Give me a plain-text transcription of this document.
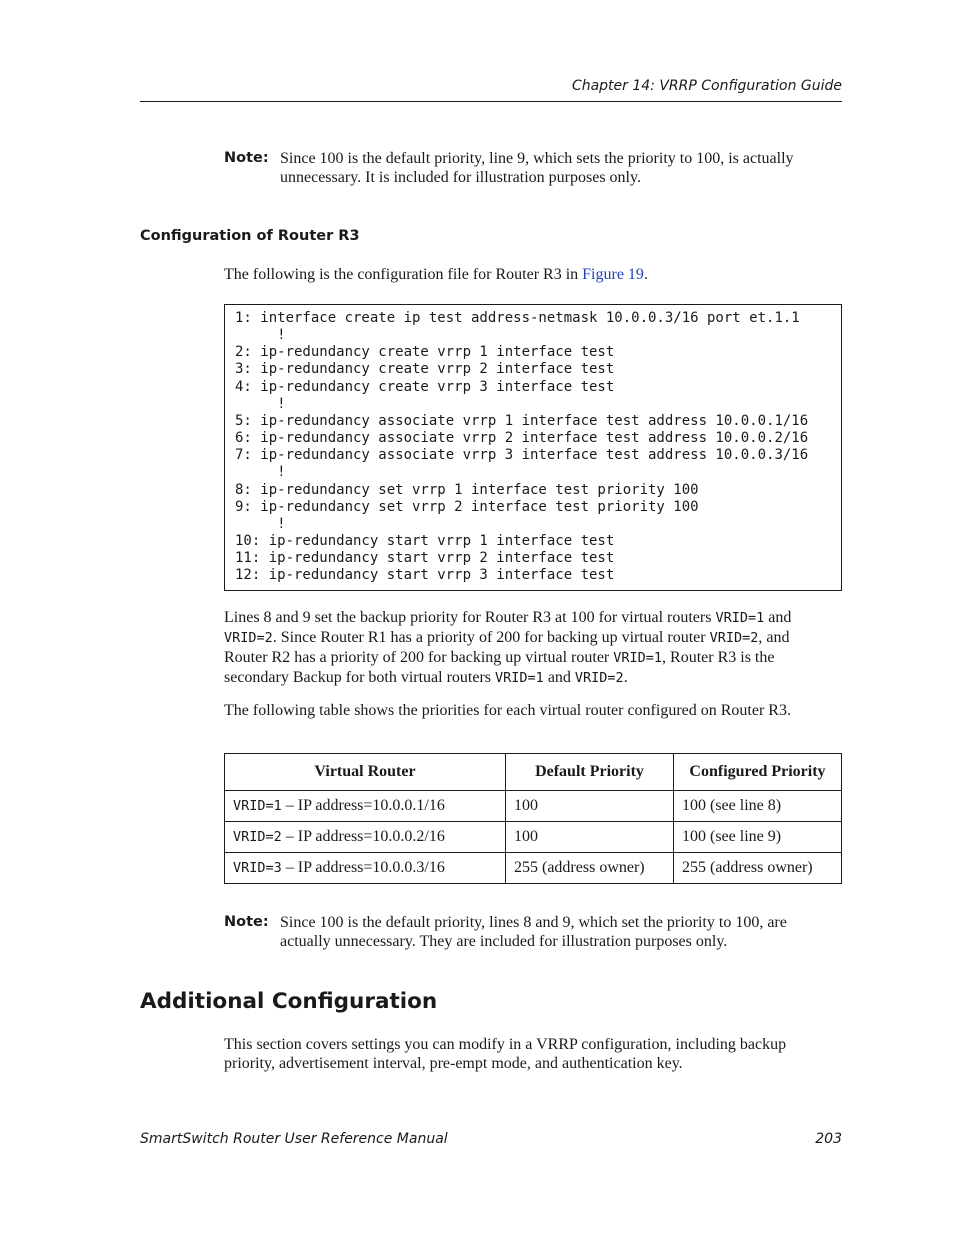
Chapter 14: VRRP Configuration Guide
Note: Since 100 is the default priority, line 9, which sets the priority to 100, is actually
unnecessary. It is included for illustration purposes only.
Configuration of Router R3
The following is the configuration file for Router R3 in Figure 19.
1: interface create ip test address-netmask 10.0.0.3/16 port et.1.1
!
2: ip-redundancy create vrrp 1 interface test
3: ip-redundancy create vrrp 2 interface test
4: ip-redundancy create vrrp 3 interface test
!
5: ip-redundancy associate vrrp 1 interface test address 10.0.0.1/16
6: ip-redundancy associate vrrp 2 interface test address 10.0.0.2/16
7: ip-redundancy associate vrrp 3 interface test address 10.0.0.3/16
!
8: ip-redundancy set vrrp 1 interface test priority 100
9: ip-redundancy set vrrp 2 interface test priority 100
!
10: ip-redundancy start vrrp 1 interface test
11: ip-redundancy start vrrp 2 interface test
12: ip-redundancy start vrrp 3 interface test
Lines 8 and 9 set the backup priority for Router R3 at 100 for virtual routers VRID=1 and
VRID=2. Since Router R1 has a priority of 200 for backing up virtual router VRID=2, and
Router R2 has a priority of 200 for backing up virtual router VRID=1, Router R3 is the
secondary Backup for both virtual routers VRID=1 and VRID=2.
The following table shows the priorities for each virtual router configured on Router R3.
Virtual Router	Default Priority	Configured Priority
VRID=1 – IP address=10.0.0.1/16	100	100 (see line 8)
VRID=2 – IP address=10.0.0.2/16	100	100 (see line 9)
VRID=3 – IP address=10.0.0.3/16	255 (address owner)	255 (address owner)
Note: Since 100 is the default priority, lines 8 and 9, which set the priority to 100, are
actually unnecessary. They are included for illustration purposes only.
Additional Configuration
This section covers settings you can modify in a VRRP configuration, including backup
priority, advertisement interval, pre-empt mode, and authentication key.
SmartSwitch Router User Reference Manual	203
